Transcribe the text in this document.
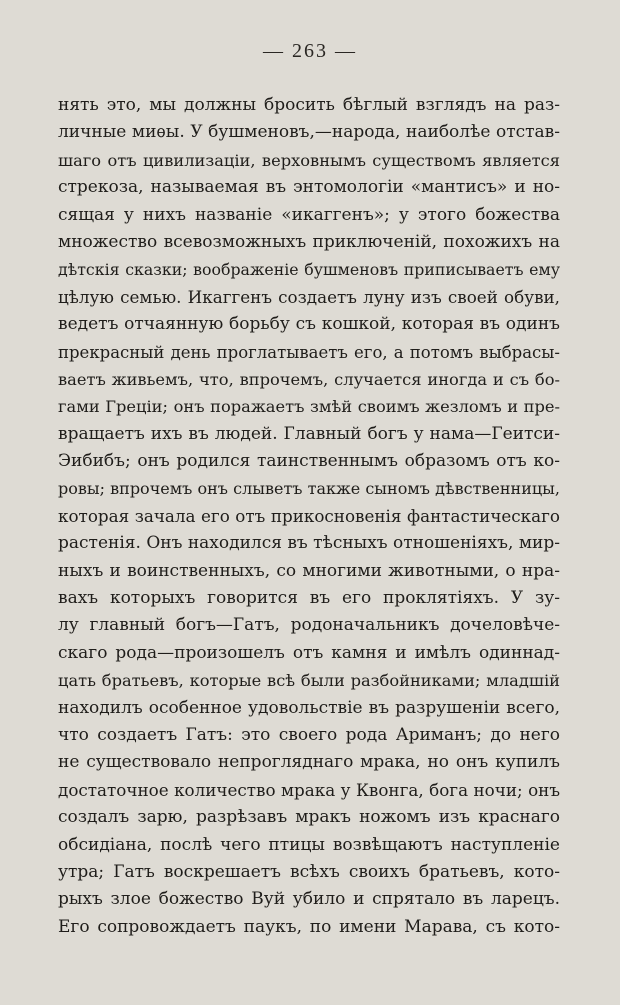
— 263 —
нять это, мы должны бросить бѣглый взглядъ на раз-
личные миѳы. У бушменовъ,—народа, наиболѣе отстав-
шаго отъ цивилизаціи, верховнымъ существомъ является
стрекоза, называемая въ энтомологіи «мантисъ» и но-
сящая у нихъ названіе «икаггенъ»; у этого божества
множество всевозможныхъ приключеній, похожихъ на
дѣтскія сказки; воображеніе бушменовъ приписываетъ ему
цѣлую семью. Икаггенъ создаетъ луну изъ своей обуви,
ведетъ отчаянную борьбу съ кошкой, которая въ одинъ
прекрасный день проглатываетъ его, а потомъ выбрасы-
ваетъ живьемъ, что, впрочемъ, случается иногда и съ бо-
гами Греціи; онъ поражаетъ змѣй своимъ жезломъ и пре-
вращаетъ ихъ въ людей. Главный богъ у нама—Геитси-
Эибибъ; онъ родился таинственнымъ образомъ отъ ко-
ровы; впрочемъ онъ слыветъ также сыномъ дѣвственницы,
которая зачала его отъ прикосновенія фантастическаго
растенія. Онъ находился въ тѣсныхъ отношеніяхъ, мир-
ныхъ и воинственныхъ, со многими животными, о нра-
вахъ которыхъ говорится въ его проклятіяхъ. У зу-
лу главный богъ—Гатъ, родоначальникъ дочеловѣче-
скаго рода—произошелъ отъ камня и имѣлъ одиннад-
цать братьевъ, которые всѣ были разбойниками; младшій
находилъ особенное удовольствіе въ разрушеніи всего,
что создаетъ Гатъ: это своего рода Ариманъ; до него
не существовало непрогляднаго мрака, но онъ купилъ
достаточное количество мрака у Квонга, бога ночи; онъ
создалъ зарю, разрѣзавъ мракъ ножомъ изъ краснаго
обсидіана, послѣ чего птицы возвѣщаютъ наступленіе
утра; Гатъ воскрешаетъ всѣхъ своихъ братьевъ, кото-
рыхъ злое божество Вуй убило и спрятало въ ларецъ.
Его сопровождаетъ паукъ, по имени Марава, съ кото-
